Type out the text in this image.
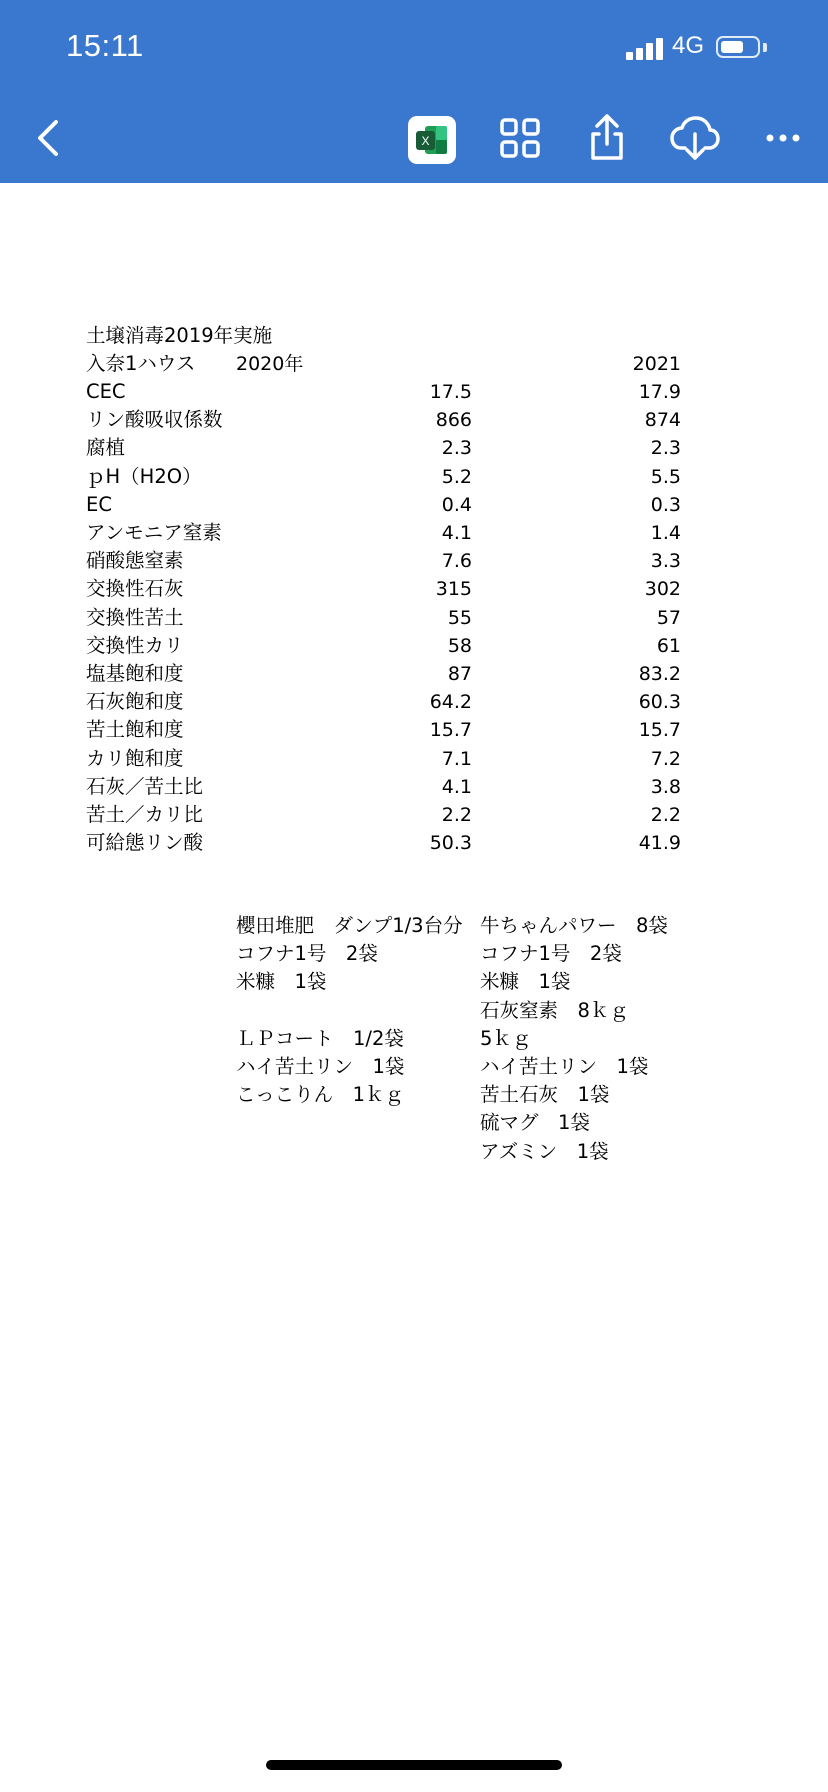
15:11	4G
X
土壌消毒2019年実施
入奈1ハウス 2020年	2021
CEC	17.5	17.9
リン酸吸収係数	866	874
腐植	2.3	2.3
ｐH（H2O）	5.2	5.5
EC	0.4	0.3
アンモニア窒素	4.1	1.4
硝酸態窒素	7.6	3.3
交換性石灰	315	302
交換性苦土	55	57
交換性カリ	58	61
塩基飽和度	87	83.2
石灰飽和度	64.2	60.3
苦土飽和度	15.7	15.7
カリ飽和度	7.1	7.2
石灰／苦土比	4.1	3.8
苦土／カリ比	2.2	2.2
可給態リン酸	50.3	41.9
櫻田堆肥　ダンプ1/3台分
コフナ1号　2袋
米糠　1袋
ＬＰコート　1/2袋
ハイ苦土リン　1袋
こっこりん　1ｋｇ
牛ちゃんパワー　8袋
コフナ1号　2袋
米糠　1袋
石灰窒素　8ｋｇ
5ｋｇ
ハイ苦土リン　1袋
苦土石灰　1袋
硫マグ　1袋
アズミン　1袋
